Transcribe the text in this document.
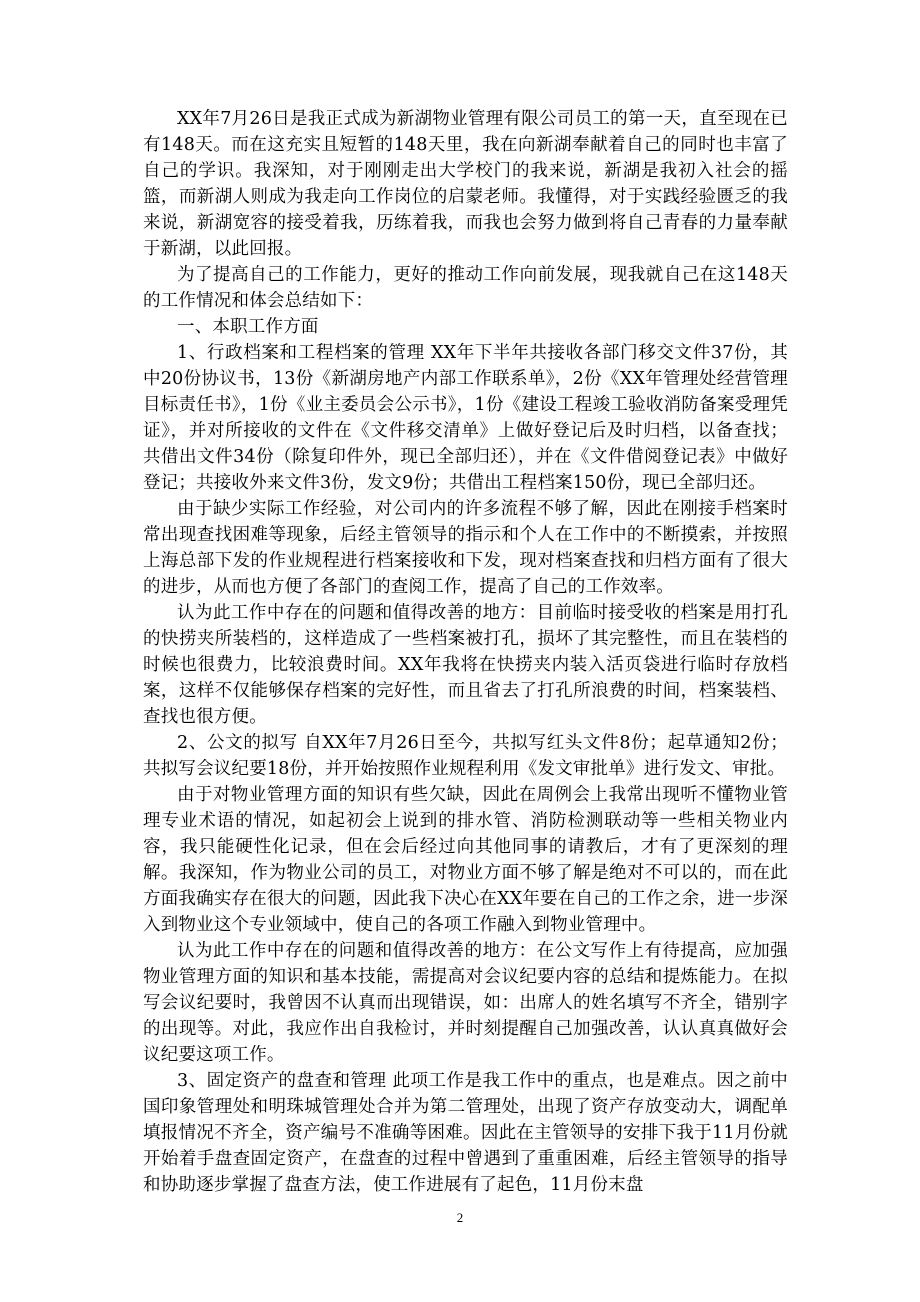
XX年7月26日是我正式成为新湖物业管理有限公司员工的第一天，直至现在已有148天。而在这充实且短暂的148天里，我在向新湖奉献着自己的同时也丰富了自己的学识。我深知，对于刚刚走出大学校门的我来说，新湖是我初入社会的摇篮，而新湖人则成为我走向工作岗位的启蒙老师。我懂得，对于实践经验匮乏的我来说，新湖宽容的接受着我，历练着我，而我也会努力做到将自己青春的力量奉献于新湖，以此回报。

为了提高自己的工作能力，更好的推动工作向前发展，现我就自己在这148天的工作情况和体会总结如下：

一、本职工作方面

1、行政档案和工程档案的管理 XX年下半年共接收各部门移交文件37份，其中20份协议书，13份《新湖房地产内部工作联系单》，2份《XX年管理处经营管理目标责任书》，1份《业主委员会公示书》，1份《建设工程竣工验收消防备案受理凭证》，并对所接收的文件在《文件移交清单》上做好登记后及时归档，以备查找；共借出文件34份（除复印件外，现已全部归还），并在《文件借阅登记表》中做好登记；共接收外来文件3份，发文9份；共借出工程档案150份，现已全部归还。

由于缺少实际工作经验，对公司内的许多流程不够了解，因此在刚接手档案时常出现查找困难等现象，后经主管领导的指示和个人在工作中的不断摸索，并按照上海总部下发的作业规程进行档案接收和下发，现对档案查找和归档方面有了很大的进步，从而也方便了各部门的查阅工作，提高了自己的工作效率。

认为此工作中存在的问题和值得改善的地方：目前临时接受收的档案是用打孔的快捞夹所装档的，这样造成了一些档案被打孔，损坏了其完整性，而且在装档的时候也很费力，比较浪费时间。XX年我将在快捞夹内装入活页袋进行临时存放档案，这样不仅能够保存档案的完好性，而且省去了打孔所浪费的时间，档案装档、查找也很方便。

2、公文的拟写 自XX年7月26日至今，共拟写红头文件8份；起草通知2份；共拟写会议纪要18份，并开始按照作业规程利用《发文审批单》进行发文、审批。

由于对物业管理方面的知识有些欠缺，因此在周例会上我常出现听不懂物业管理专业术语的情况，如起初会上说到的排水管、消防检测联动等一些相关物业内容，我只能硬性化记录，但在会后经过向其他同事的请教后，才有了更深刻的理解。我深知，作为物业公司的员工，对物业方面不够了解是绝对不可以的，而在此方面我确实存在很大的问题，因此我下决心在XX年要在自己的工作之余，进一步深入到物业这个专业领域中，使自己的各项工作融入到物业管理中。

认为此工作中存在的问题和值得改善的地方：在公文写作上有待提高，应加强物业管理方面的知识和基本技能，需提高对会议纪要内容的总结和提炼能力。在拟写会议纪要时，我曾因不认真而出现错误，如：出席人的姓名填写不齐全，错别字的出现等。对此，我应作出自我检讨，并时刻提醒自己加强改善，认认真真做好会议纪要这项工作。

3、固定资产的盘查和管理 此项工作是我工作中的重点，也是难点。因之前中国印象管理处和明珠城管理处合并为第二管理处，出现了资产存放变动大，调配单填报情况不齐全，资产编号不准确等困难。因此在主管领导的安排下我于11月份就开始着手盘查固定资产，在盘查的过程中曾遇到了重重困难，后经主管领导的指导和协助逐步掌握了盘查方法，使工作进展有了起色，11月份末盘

2
